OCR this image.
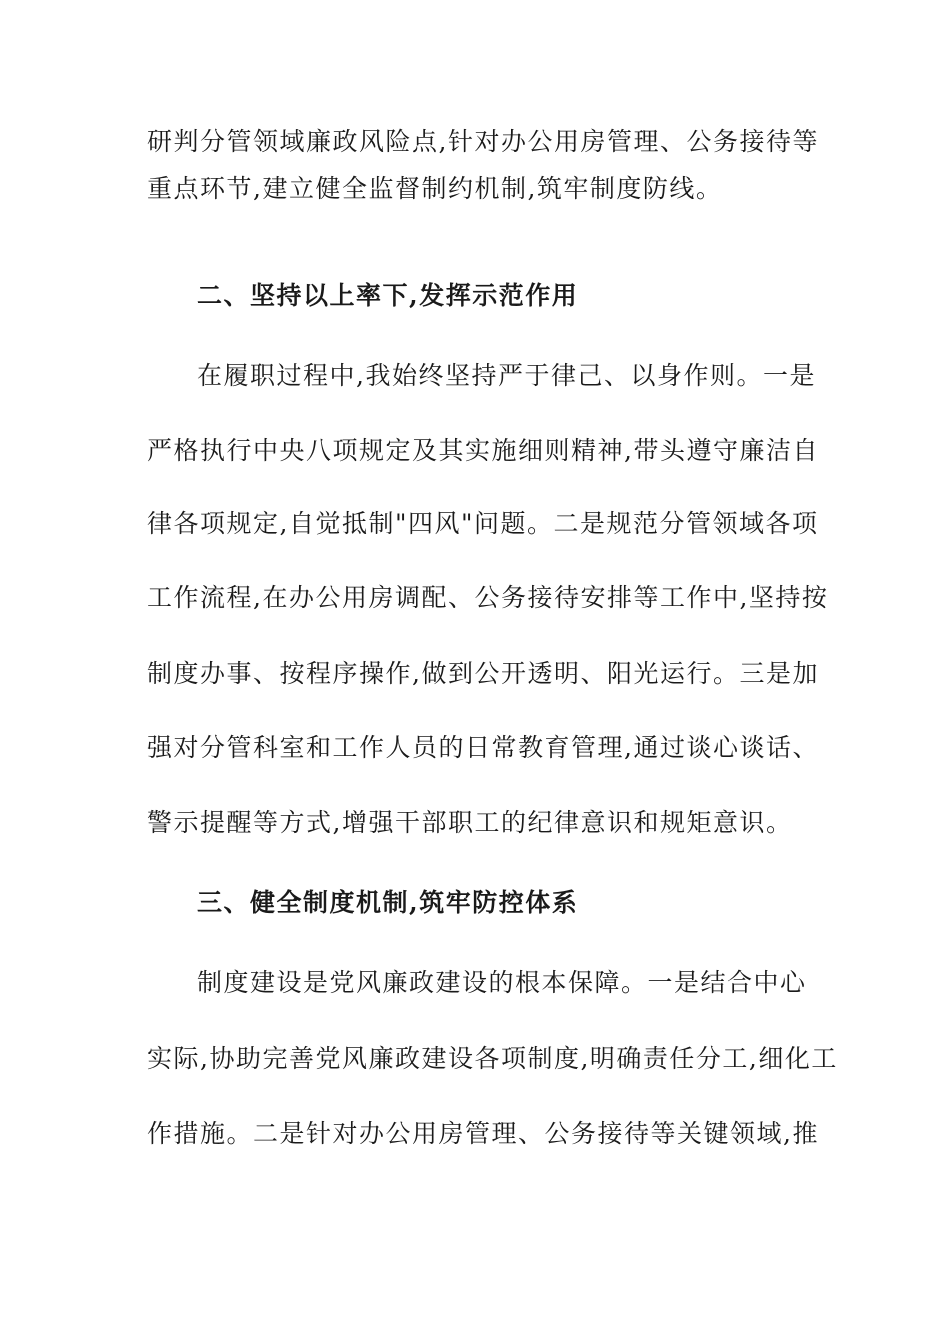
研判分管领域廉政风险点,针对办公用房管理、公务接待等
重点环节,建立健全监督制约机制,筑牢制度防线。
二、坚持以上率下,发挥示范作用
在履职过程中,我始终坚持严于律己、以身作则。一是
严格执行中央八项规定及其实施细则精神,带头遵守廉洁自
律各项规定,自觉抵制"四风"问题。二是规范分管领域各项
工作流程,在办公用房调配、公务接待安排等工作中,坚持按
制度办事、按程序操作,做到公开透明、阳光运行。三是加
强对分管科室和工作人员的日常教育管理,通过谈心谈话、
警示提醒等方式,增强干部职工的纪律意识和规矩意识。
三、健全制度机制,筑牢防控体系
制度建设是党风廉政建设的根本保障。一是结合中心
实际,协助完善党风廉政建设各项制度,明确责任分工,细化工
作措施。二是针对办公用房管理、公务接待等关键领域,推
